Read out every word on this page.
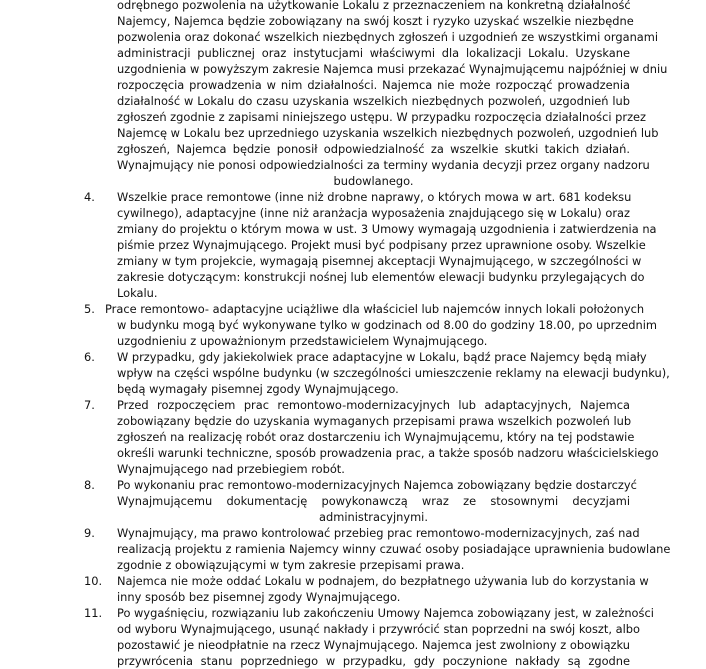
odrębnego pozwolenia na użytkowanie Lokalu z przeznaczeniem na konkretną działalność
Najemcy, Najemca będzie zobowiązany na swój koszt i ryzyko uzyskać wszelkie niezbędne
pozwolenia oraz dokonać wszelkich niezbędnych zgłoszeń i uzgodnień ze wszystkimi organami
administracji publicznej oraz instytucjami właściwymi dla lokalizacji Lokalu. Uzyskane
uzgodnienia w powyższym zakresie Najemca musi przekazać Wynajmującemu najpóźniej w dniu
rozpoczęcia prowadzenia w nim działalności. Najemca nie może rozpocząć prowadzenia
działalność w Lokalu do czasu uzyskania wszelkich niezbędnych pozwoleń, uzgodnień lub
zgłoszeń zgodnie z zapisami niniejszego ustępu. W przypadku rozpoczęcia działalności przez
Najemcę w Lokalu bez uprzedniego uzyskania wszelkich niezbędnych pozwoleń, uzgodnień lub
zgłoszeń, Najemca będzie ponosił odpowiedzialność za wszelkie skutki takich działań.
Wynajmujący nie ponosi odpowiedzialności za terminy wydania decyzji przez organy nadzoru
budowlanego.
4. Wszelkie prace remontowe (inne niż drobne naprawy, o których mowa w art. 681 kodeksu
cywilnego), adaptacyjne (inne niż aranżacja wyposażenia znajdującego się w Lokalu) oraz
zmiany do projektu o którym mowa w ust. 3 Umowy wymagają uzgodnienia i zatwierdzenia na
piśmie przez Wynajmującego. Projekt musi być podpisany przez uprawnione osoby. Wszelkie
zmiany w tym projekcie, wymagają pisemnej akceptacji Wynajmującego, w szczególności w
zakresie dotyczącym: konstrukcji nośnej lub elementów elewacji budynku przylegających do
Lokalu.
5. Prace remontowo- adaptacyjne uciążliwe dla właściciel lub najemców innych lokali położonych
w budynku mogą być wykonywane tylko w godzinach od 8.00 do godziny 18.00, po uprzednim
uzgodnieniu z upoważnionym przedstawicielem Wynajmującego.
6. W przypadku, gdy jakiekolwiek prace adaptacyjne w Lokalu, bądź prace Najemcy będą miały
wpływ na części wspólne budynku (w szczególności umieszczenie reklamy na elewacji budynku),
będą wymagały pisemnej zgody Wynajmującego.
7. Przed rozpoczęciem prac remontowo-modernizacyjnych lub adaptacyjnych, Najemca
zobowiązany będzie do uzyskania wymaganych przepisami prawa wszelkich pozwoleń lub
zgłoszeń na realizację robót oraz dostarczeniu ich Wynajmującemu, który na tej podstawie
określi warunki techniczne, sposób prowadzenia prac, a także sposób nadzoru właścicielskiego
Wynajmującego nad przebiegiem robót.
8. Po wykonaniu prac remontowo-modernizacyjnych Najemca zobowiązany będzie dostarczyć
Wynajmującemu dokumentację powykonawczą wraz ze stosownymi decyzjami
administracyjnymi.
9. Wynajmujący, ma prawo kontrolować przebieg prac remontowo-modernizacyjnych, zaś nad
realizacją projektu z ramienia Najemcy winny czuwać osoby posiadające uprawnienia budowlane
zgodnie z obowiązującymi w tym zakresie przepisami prawa.
10. Najemca nie może oddać Lokalu w podnajem, do bezpłatnego używania lub do korzystania w
inny sposób bez pisemnej zgody Wynajmującego.
11. Po wygaśnięciu, rozwiązaniu lub zakończeniu Umowy Najemca zobowiązany jest, w zależności
od wyboru Wynajmującego, usunąć nakłady i przywrócić stan poprzedni na swój koszt, albo
pozostawić je nieodpłatnie na rzecz Wynajmującego. Najemca jest zwolniony z obowiązku
przywrócenia stanu poprzedniego w przypadku, gdy poczynione nakłady są zgodne
